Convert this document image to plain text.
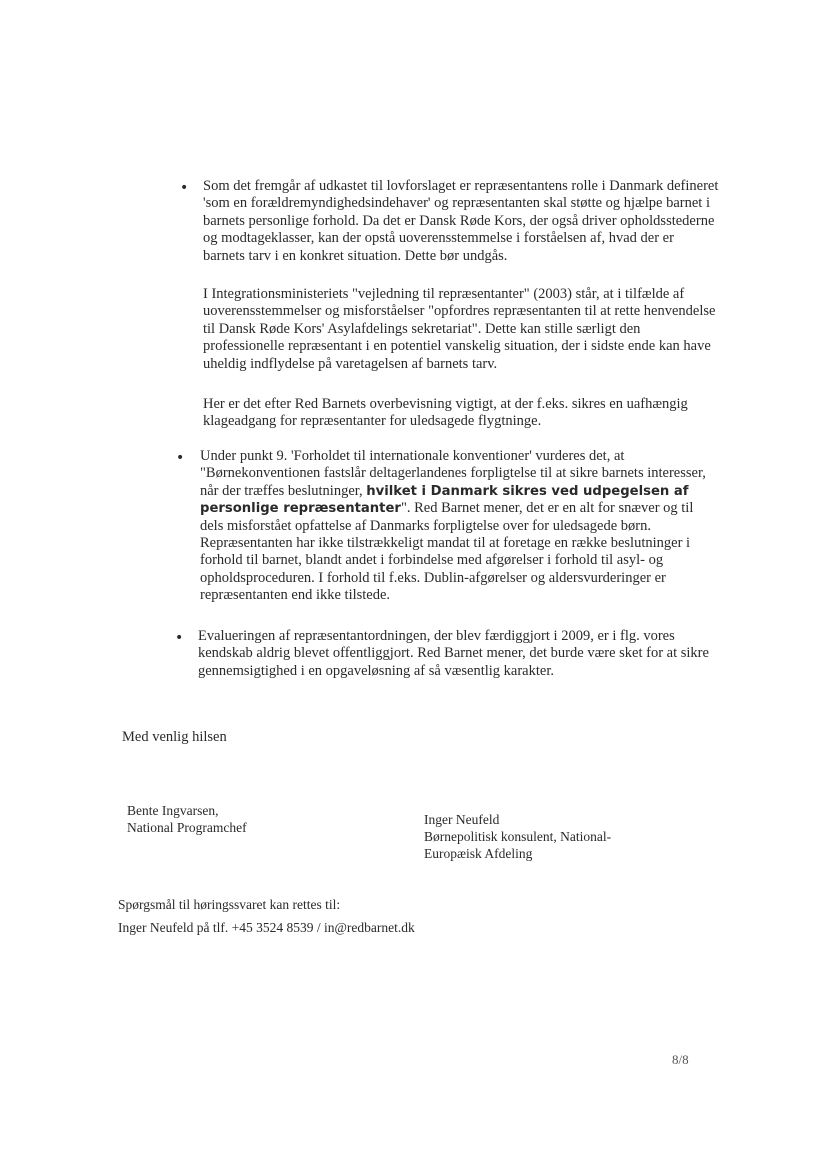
• Som det fremgår af udkastet til lovforslaget er repræsentantens rolle i Danmark defineret 'som en forældremyndighedsindehaver' og repræsentanten skal støtte og hjælpe barnet i barnets personlige forhold. Da det er Dansk Røde Kors, der også driver opholdsstederne og modtageklasser, kan der opstå uoverensstemmelse i forståelsen af, hvad der er barnets tarv i en konkret situation. Dette bør undgås.
I Integrationsministeriets "vejledning til repræsentanter" (2003) står, at i tilfælde af uoverensstemmelser og misforståelser "opfordres repræsentanten til at rette henvendelse til Dansk Røde Kors' Asylafdelings sekretariat". Dette kan stille særligt den professionelle repræsentant i en potentiel vanskelig situation, der i sidste ende kan have uheldig indflydelse på varetagelsen af barnets tarv.
Her er det efter Red Barnets overbevisning vigtigt, at der f.eks. sikres en uafhængig klageadgang for repræsentanter for uledsagede flygtninge.
• Under punkt 9. 'Forholdet til internationale konventioner' vurderes det, at "Børnekonventionen fastslår deltagerlandenes forpligtelse til at sikre barnets interesser, når der træffes beslutninger, hvilket i Danmark sikres ved udpegelsen af personlige repræsentanter". Red Barnet mener, det er en alt for snæver og til dels misforstået opfattelse af Danmarks forpligtelse over for uledsagede børn. Repræsentanten har ikke tilstrækkeligt mandat til at foretage en række beslutninger i forhold til barnet, blandt andet i forbindelse med afgørelser i forhold til asyl- og opholdsproceduren. I forhold til f.eks. Dublin-afgørelser og aldersvurderinger er repræsentanten end ikke tilstede.
• Evalueringen af repræsentantordningen, der blev færdiggjort i 2009, er i flg. vores kendskab aldrig blevet offentliggjort. Red Barnet mener, det burde være sket for at sikre gennemsigtighed i en opgaveløsning af så væsentlig karakter.
Med venlig hilsen
Bente Ingvarsen,
National Programchef
Inger Neufeld
Børnepolitisk konsulent, National-
Europæisk Afdeling
Spørgsmål til høringssvaret kan rettes til:
Inger Neufeld på tlf. +45 3524 8539 / in@redbarnet.dk
8/8
